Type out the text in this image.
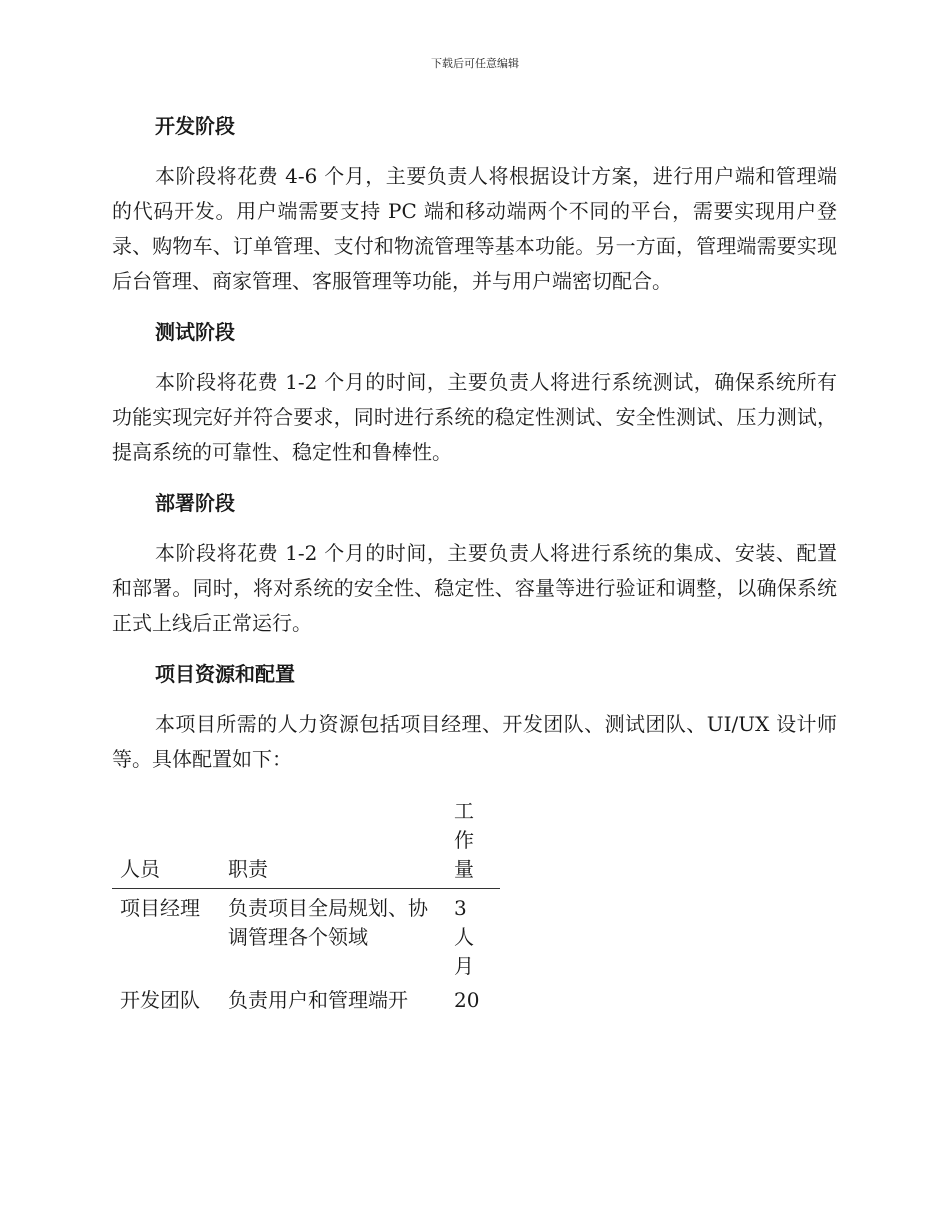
下载后可任意编辑
开发阶段

本阶段将花费 4-6 个月，主要负责人将根据设计方案，进行用户端和管理端的代码开发。用户端需要支持 PC 端和移动端两个不同的平台，需要实现用户登录、购物车、订单管理、支付和物流管理等基本功能。另一方面，管理端需要实现后台管理、商家管理、客服管理等功能，并与用户端密切配合。

测试阶段

本阶段将花费 1-2 个月的时间，主要负责人将进行系统测试，确保系统所有功能实现完好并符合要求，同时进行系统的稳定性测试、安全性测试、压力测试，提高系统的可靠性、稳定性和鲁棒性。

部署阶段

本阶段将花费 1-2 个月的时间，主要负责人将进行系统的集成、安装、配置和部署。同时，将对系统的安全性、稳定性、容量等进行验证和调整，以确保系统正式上线后正常运行。

项目资源和配置

本项目所需的人力资源包括项目经理、开发团队、测试团队、UI/UX 设计师等。具体配置如下：

人员	职责	工作量
项目经理	负责项目全局规划、协调管理各个领域	3 人月
开发团队	负责用户和管理端开	20
